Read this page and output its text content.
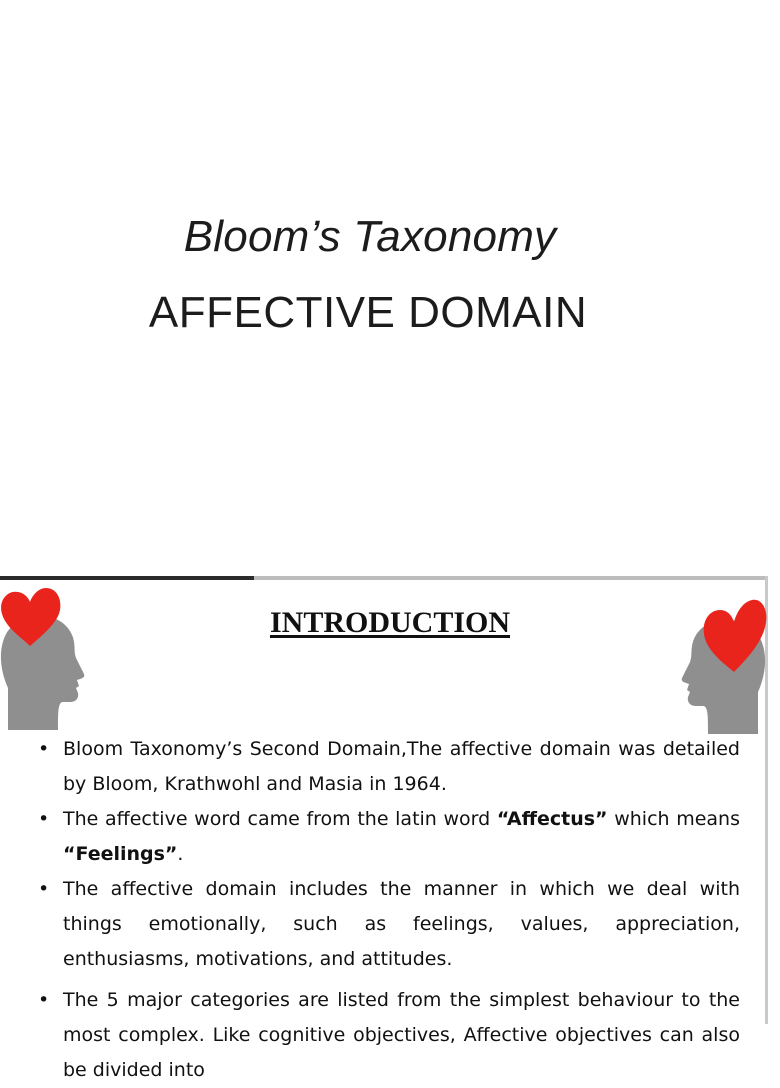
Bloom’s Taxonomy
AFFECTIVE DOMAIN
INTRODUCTION
• Bloom Taxonomy’s Second Domain,The affective domain was detailed by Bloom, Krathwohl and Masia in 1964.
• The affective word came from the latin word “Affectus” which means “Feelings”.
• The affective domain includes the manner in which we deal with things emotionally, such as feelings, values, appreciation, enthusiasms, motivations, and attitudes.
• The 5 major categories are listed from the simplest behaviour to the most complex. Like cognitive objectives, Affective objectives can also be divided into
